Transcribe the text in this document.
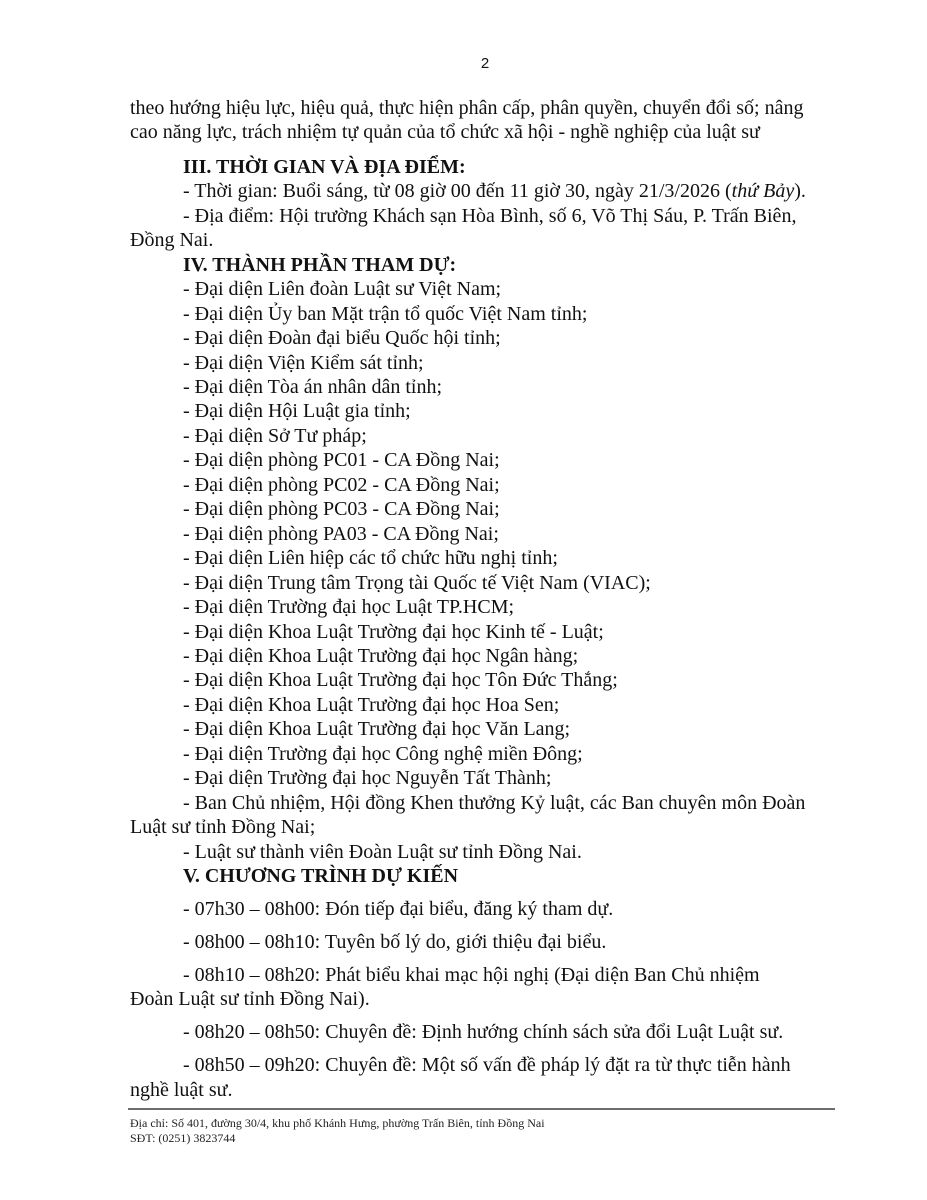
2

theo hướng hiệu lực, hiệu quả, thực hiện phân cấp, phân quyền, chuyển đổi số; nâng

cao năng lực, trách nhiệm tự quản của tổ chức xã hội - nghề nghiệp của luật sư

III. THỜI GIAN VÀ ĐỊA ĐIỂM:

- Thời gian: Buổi sáng, từ 08 giờ 00 đến 11 giờ 30, ngày 21/3/2026 (thứ Bảy).

- Địa điểm: Hội trường Khách sạn Hòa Bình, số 6, Võ Thị Sáu, P. Trấn Biên,

Đồng Nai.

IV. THÀNH PHẦN THAM DỰ:

- Đại diện Liên đoàn Luật sư Việt Nam;

- Đại diện Ủy ban Mặt trận tổ quốc Việt Nam tỉnh;

- Đại diện Đoàn đại biểu Quốc hội tỉnh;

- Đại diện Viện Kiểm sát tỉnh;

- Đại diện Tòa án nhân dân tỉnh;

- Đại diện Hội Luật gia tỉnh;

- Đại diện Sở Tư pháp;

- Đại diện phòng PC01 - CA Đồng Nai;

- Đại diện phòng PC02 - CA Đồng Nai;

- Đại diện phòng PC03 - CA Đồng Nai;

- Đại diện phòng PA03 - CA Đồng Nai;

- Đại diện Liên hiệp các tổ chức hữu nghị tỉnh;

- Đại diện Trung tâm Trọng tài Quốc tế Việt Nam (VIAC);

- Đại diện Trường đại học Luật TP.HCM;

- Đại diện Khoa Luật Trường đại học Kinh tế - Luật;

- Đại diện Khoa Luật Trường đại học Ngân hàng;

- Đại diện Khoa Luật Trường đại học Tôn Đức Thắng;

- Đại diện Khoa Luật Trường đại học Hoa Sen;

- Đại diện Khoa Luật Trường đại học Văn Lang;

- Đại diện Trường đại học Công nghệ miền Đông;

- Đại diện Trường đại học Nguyễn Tất Thành;

- Ban Chủ nhiệm, Hội đồng Khen thưởng Kỷ luật, các Ban chuyên môn Đoàn

Luật sư tỉnh Đồng Nai;

- Luật sư thành viên Đoàn Luật sư tỉnh Đồng Nai.

V. CHƯƠNG TRÌNH DỰ KIẾN

- 07h30 – 08h00: Đón tiếp đại biểu, đăng ký tham dự.

- 08h00 – 08h10: Tuyên bố lý do, giới thiệu đại biểu.

- 08h10 – 08h20: Phát biểu khai mạc hội nghị (Đại diện Ban Chủ nhiệm

Đoàn Luật sư tỉnh Đồng Nai).

- 08h20 – 08h50: Chuyên đề: Định hướng chính sách sửa đổi Luật Luật sư.

- 08h50 – 09h20: Chuyên đề: Một số vấn đề pháp lý đặt ra từ thực tiễn hành

nghề luật sư.

Địa chỉ: Số 401, đường 30/4, khu phố Khánh Hưng, phường Trấn Biên, tỉnh Đồng Nai

SĐT: (0251) 3823744
